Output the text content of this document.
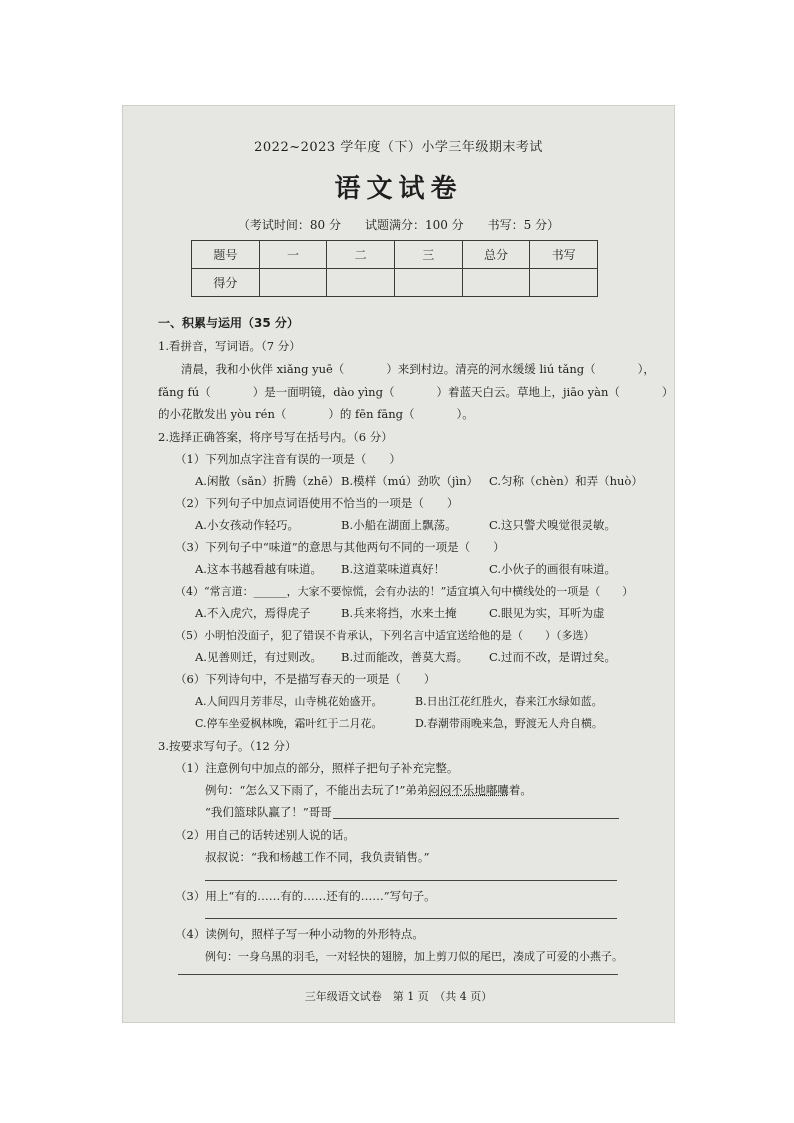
2022~2023 学年度（下）小学三年级期末考试
语文试卷
（考试时间：80 分　　试题满分：100 分　　书写：5 分）
题号	一	二	三	总分	书写
得分					
一、积累与运用（35 分）
1.看拼音，写词语。（7 分）
清晨，我和小伙伴 xiǎng yuē（	）来到村边。清亮的河水缓缓 liú tǎng（	），
fǎng fú（	）是一面明镜，dào yìng（	）着蓝天白云。草地上，jiāo yàn（	）
的小花散发出 yòu rén（	）的 fēn fāng（	）。
2.选择正确答案，将序号写在括号内。（6 分）
（1）下列加点字注音有误的一项是（　　）
A.闲散（sǎn）折腾（zhē） B.模样（mú）劲吹（jìn） C.匀称（chèn）和弄（huò）
（2）下列句子中加点词语使用不恰当的一项是（　　）
A.小女孩动作轻巧。	B.小船在湖面上飘荡。	C.这只警犬嗅觉很灵敏。
（3）下列句子中“味道”的意思与其他两句不同的一项是（　　）
A.这本书越看越有味道。 B.这道菜味道真好！	C.小伙子的画很有味道。
（4）“常言道：______，大家不要惊慌，会有办法的！”适宜填入句中横线处的一项是（　　）
A.不入虎穴，焉得虎子	B.兵来将挡，水来土掩	C.眼见为实，耳听为虚
（5）小明怕没面子，犯了错误不肯承认，下列名言中适宜送给他的是（　　）（多选）
A.见善则迁，有过则改。 B.过而能改，善莫大焉。 C.过而不改，是谓过矣。
（6）下列诗句中，不是描写春天的一项是（　　）
A.人间四月芳菲尽，山寺桃花始盛开。	B.日出江花红胜火，春来江水绿如蓝。
C.停车坐爱枫林晚，霜叶红于二月花。	D.春潮带雨晚来急，野渡无人舟自横。
3.按要求写句子。（12 分）
（1）注意例句中加点的部分，照样子把句子补充完整。
例句：“怎么又下雨了，不能出去玩了!”弟弟闷闷不乐地嘟囔着。
“我们篮球队赢了！”哥哥
（2）用自己的话转述别人说的话。
叔叔说：“我和杨越工作不同，我负责销售。”
（3）用上“有的……有的……还有的……”写句子。
（4）读例句，照样子写一种小动物的外形特点。
例句：一身乌黑的羽毛，一对轻快的翅膀，加上剪刀似的尾巴，凑成了可爱的小燕子。
三年级语文试卷　第 1 页　（共 4 页）
